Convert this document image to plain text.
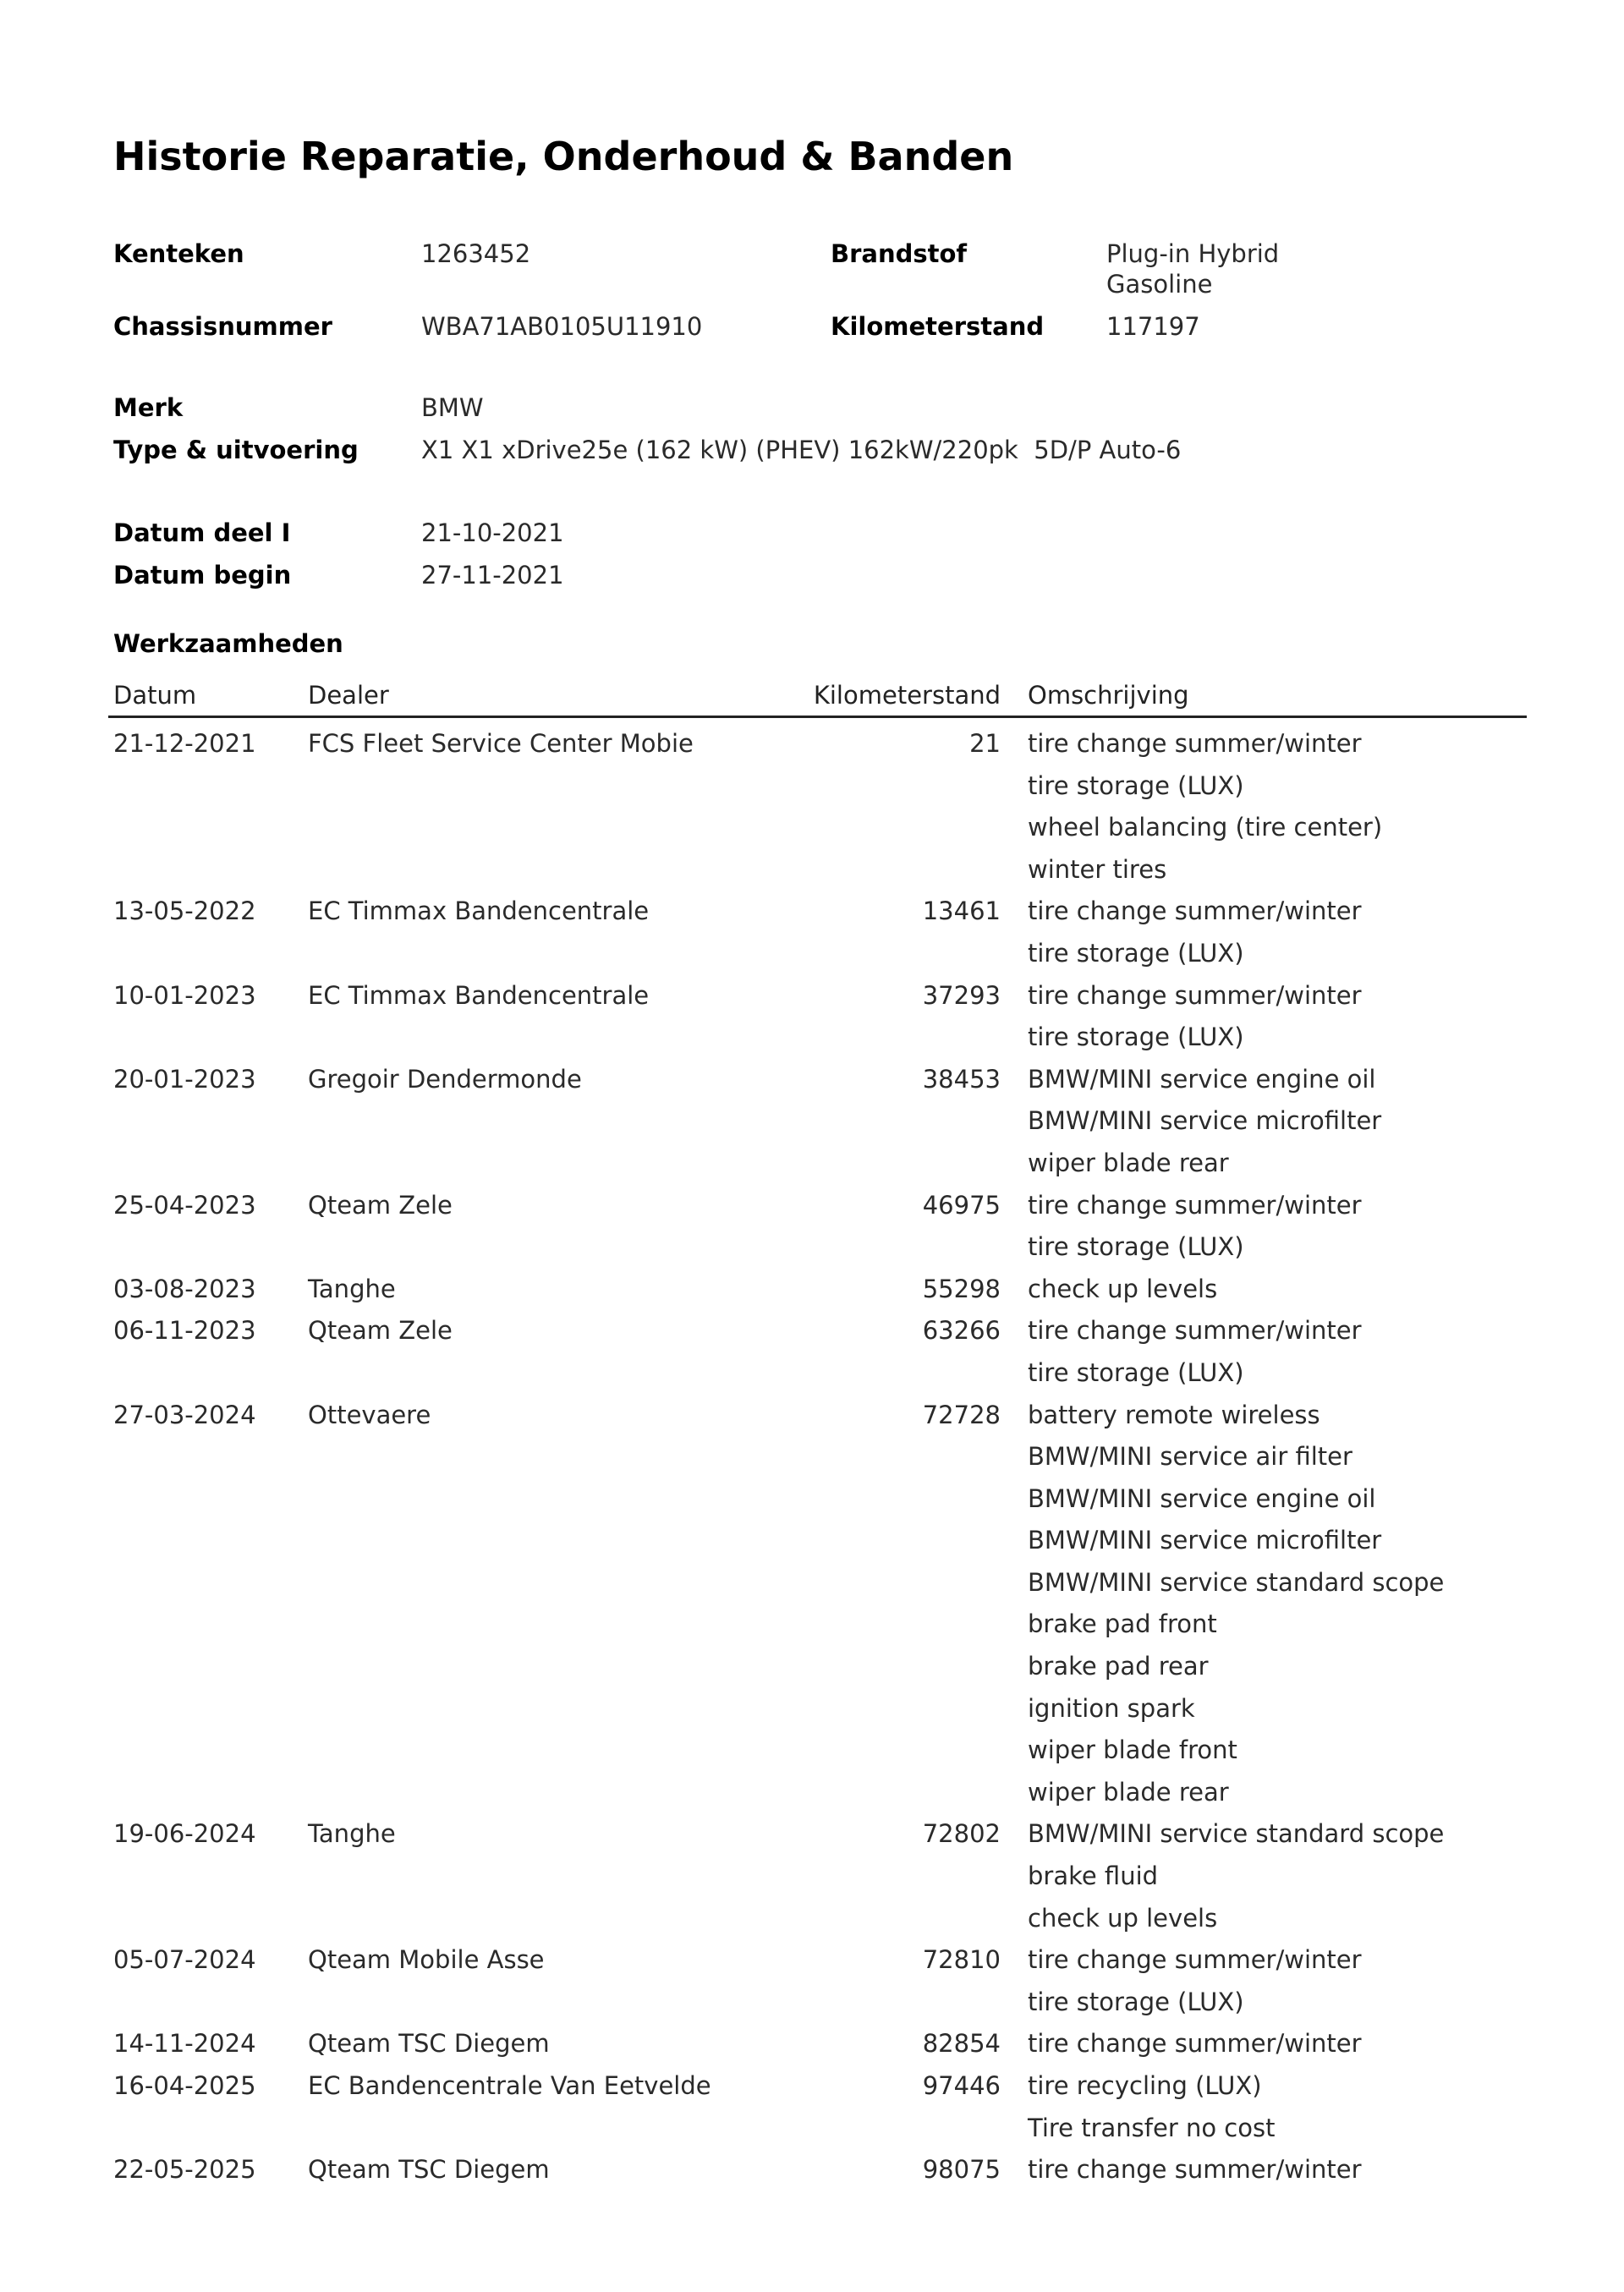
Historie Reparatie, Onderhoud & Banden
Kenteken	1263452	Brandstof	Plug-in Hybrid
Gasoline
Chassisnummer	WBA71AB0105U11910	Kilometerstand	117197
Merk	BMW
Type & uitvoering	X1 X1 xDrive25e (162 kW) (PHEV) 162kW/220pk  5D/P Auto-6
Datum deel I	21-10-2021
Datum begin	27-11-2021
Werkzaamheden
Datum	Dealer	Kilometerstand Omschrijving
21-12-2021 FCS Fleet Service Center Mobie	21 tire change summer/winter
tire storage (LUX)
wheel balancing (tire center)
winter tires
13-05-2022 EC Timmax Bandencentrale	13461 tire change summer/winter
tire storage (LUX)
10-01-2023 EC Timmax Bandencentrale	37293 tire change summer/winter
tire storage (LUX)
20-01-2023 Gregoir Dendermonde	38453 BMW/MINI service engine oil
BMW/MINI service microfilter
wiper blade rear
25-04-2023 Qteam Zele	46975 tire change summer/winter
tire storage (LUX)
03-08-2023 Tanghe	55298 check up levels
06-11-2023 Qteam Zele	63266 tire change summer/winter
tire storage (LUX)
27-03-2024 Ottevaere	72728 battery remote wireless
BMW/MINI service air filter
BMW/MINI service engine oil
BMW/MINI service microfilter
BMW/MINI service standard scope
brake pad front
brake pad rear
ignition spark
wiper blade front
wiper blade rear
19-06-2024 Tanghe	72802 BMW/MINI service standard scope
brake fluid
check up levels
05-07-2024 Qteam Mobile Asse	72810 tire change summer/winter
tire storage (LUX)
14-11-2024 Qteam TSC Diegem	82854 tire change summer/winter
16-04-2025 EC Bandencentrale Van Eetvelde	97446 tire recycling (LUX)
Tire transfer no cost
22-05-2025 Qteam TSC Diegem	98075 tire change summer/winter
